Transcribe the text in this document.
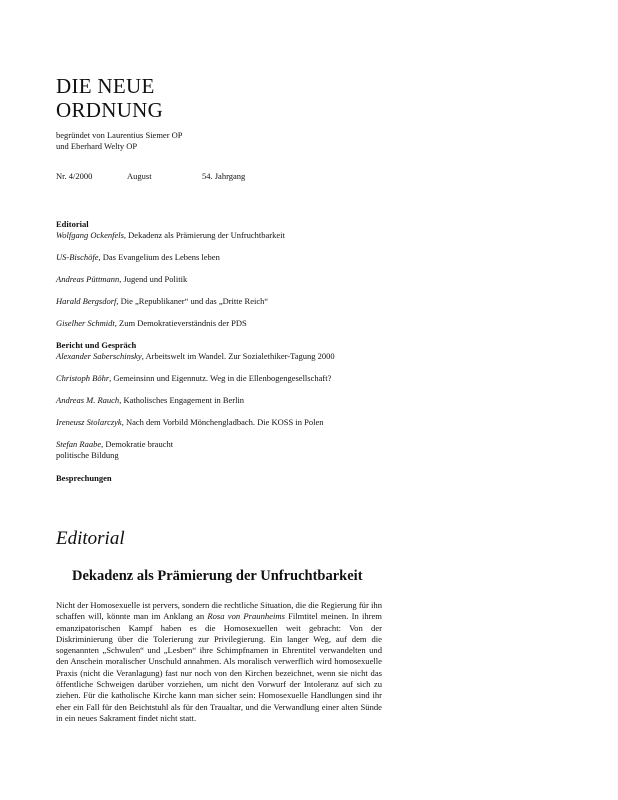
DIE NEUE
ORDNUNG
begründet von Laurentius Siemer OP
und Eberhard Welty OP
Nr. 4/2000	August	54. Jahrgang
Editorial
Wolfgang Ockenfels, Dekadenz als Prämierung der Unfruchtbarkeit
US-Bischöfe, Das Evangelium des Lebens leben
Andreas Püttmann, Jugend und Politik
Harald Bergsdorf, Die „Republikaner“ und das „Dritte Reich“
Giselher Schmidt, Zum Demokratieverständnis der PDS
Bericht und Gespräch
Alexander Saberschinsky, Arbeitswelt im Wandel. Zur Sozialethiker-Tagung 2000
Christoph Böhr, Gemeinsinn und Eigennutz. Weg in die Ellenbogengesellschaft?
Andreas M. Rauch, Katholisches Engagement in Berlin
Ireneusz Stolarczyk, Nach dem Vorbild Mönchengladbach. Die KOSS in Polen
Stefan Raabe, Demokratie braucht
politische Bildung
Besprechungen
Editorial
Dekadenz als Prämierung der Unfruchtbarkeit

Nicht der Homosexuelle ist pervers, sondern die rechtliche Situation, die die Regierung für ihn schaffen will, könnte man im Anklang an Rosa von Praunheims Filmtitel meinen. In ihrem emanzipatorischen Kampf haben es die Homosexuellen weit gebracht: Von der Diskriminierung über die Tolerierung zur Privilegierung. Ein langer Weg, auf dem die sogenannten „Schwulen“ und „Lesben“ ihre Schimpfnamen in Ehrentitel verwandelten und den Anschein moralischer Unschuld annahmen. Als moralisch verwerflich wird homosexuelle Praxis (nicht die Veranlagung) fast nur noch von den Kirchen bezeichnet, wenn sie nicht das öffentliche Schweigen darüber vorziehen, um nicht den Vorwurf der Intoleranz auf sich zu ziehen. Für die katholische Kirche kann man sicher sein: Homosexuelle Handlungen sind ihr eher ein Fall für den Beichtstuhl als für den Traualtar, und die Verwandlung einer alten Sünde in ein neues Sakrament findet nicht statt.
